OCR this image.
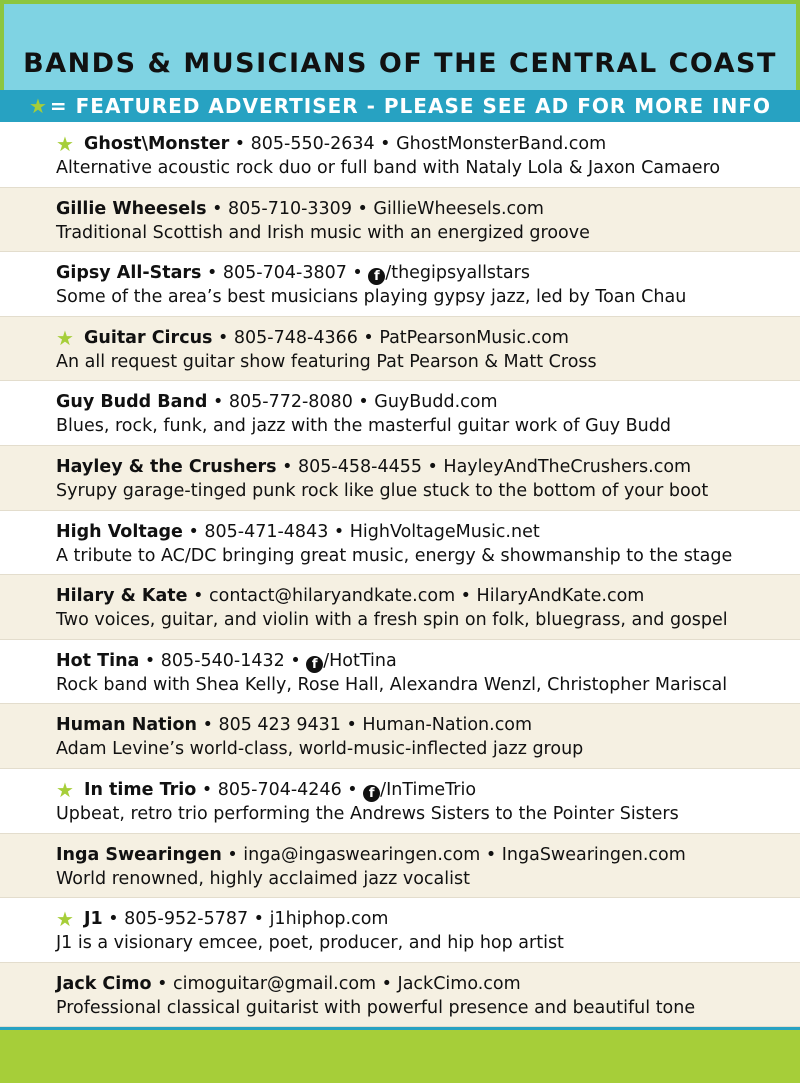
BANDS & MUSICIANS OF THE CENTRAL COAST
★ = FEATURED ADVERTISER - PLEASE SEE AD FOR MORE INFO
★ Ghost\Monster • 805-550-2634 • GhostMonsterBand.com
Alternative acoustic rock duo or full band with Nataly Lola & Jaxon Camaero
Gillie Wheesels • 805-710-3309 • GillieWheesels.com
Traditional Scottish and Irish music with an energized groove
Gipsy All-Stars • 805-704-3807 • f /thegipsyallstars
Some of the area’s best musicians playing gypsy jazz, led by Toan Chau
★ Guitar Circus • 805-748-4366 • PatPearsonMusic.com
An all request guitar show featuring Pat Pearson & Matt Cross
Guy Budd Band • 805-772-8080 • GuyBudd.com
Blues, rock, funk, and jazz with the masterful guitar work of Guy Budd
Hayley & the Crushers • 805-458-4455 • HayleyAndTheCrushers.com
Syrupy garage-tinged punk rock like glue stuck to the bottom of your boot
High Voltage • 805-471-4843 • HighVoltageMusic.net
A tribute to AC/DC bringing great music, energy & showmanship to the stage
Hilary & Kate • contact@hilaryandkate.com • HilaryAndKate.com
Two voices, guitar, and violin with a fresh spin on folk, bluegrass, and gospel
Hot Tina • 805-540-1432 • f /HotTina
Rock band with Shea Kelly, Rose Hall, Alexandra Wenzl, Christopher Mariscal
Human Nation • 805 423 9431 • Human-Nation.com
Adam Levine’s world-class, world-music-inflected jazz group
★ In time Trio • 805-704-4246 • f /InTimeTrio
Upbeat, retro trio performing the Andrews Sisters to the Pointer Sisters
Inga Swearingen • inga@ingaswearingen.com • IngaSwearingen.com
World renowned, highly acclaimed jazz vocalist
★ J1 • 805-952-5787 • j1hiphop.com
J1 is a visionary emcee, poet, producer, and hip hop artist
Jack Cimo • cimoguitar@gmail.com • JackCimo.com
Professional classical guitarist with powerful presence and beautiful tone
